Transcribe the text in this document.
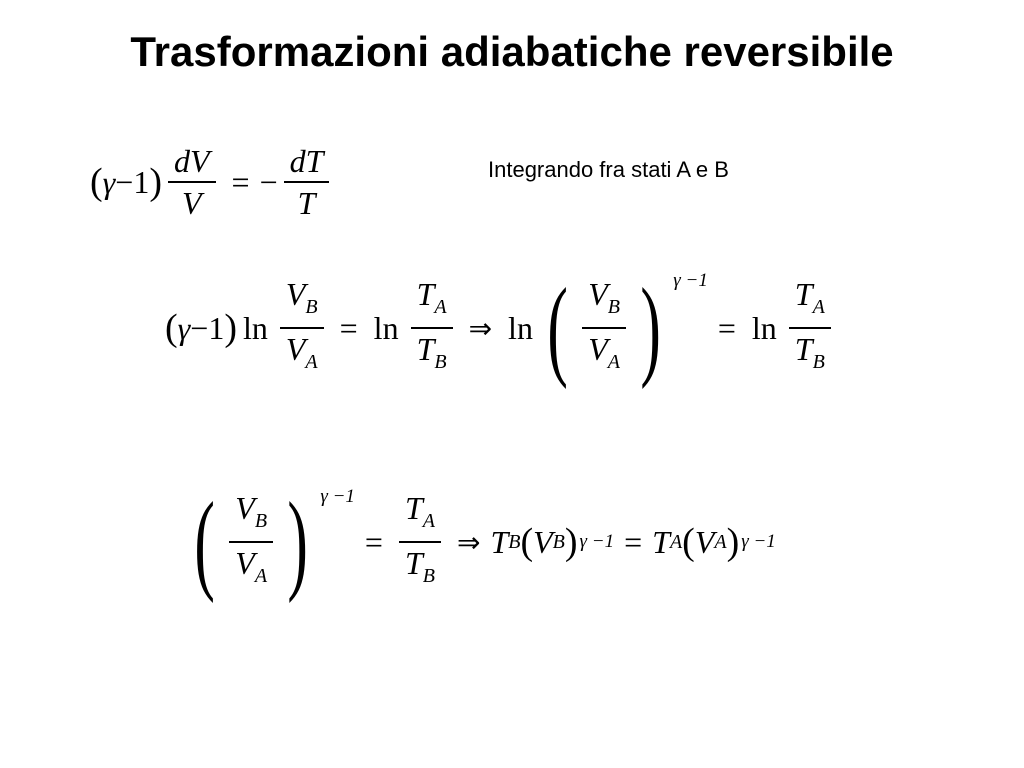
Trasformazioni adiabatiche reversibile
( γ −1 ) $\frac{dV}{V}$ = − $\frac{dT}{T}$	Integrando fra stati A e B
( γ −1 ) $\ln \frac{V_B}{V_A} = \ln \frac{T_A}{T_B}$ ⇒ ln ( $\frac{V_B}{V_A}$ ) γ −1
= $\ln \frac{T_A}{T_B}$
( $\frac{V_B}{V_A}$ ) γ −1
= $\frac{T_A}{T_B}$ ⇒ T B ( V B ) γ −1 = T A ( V A ) γ −1
